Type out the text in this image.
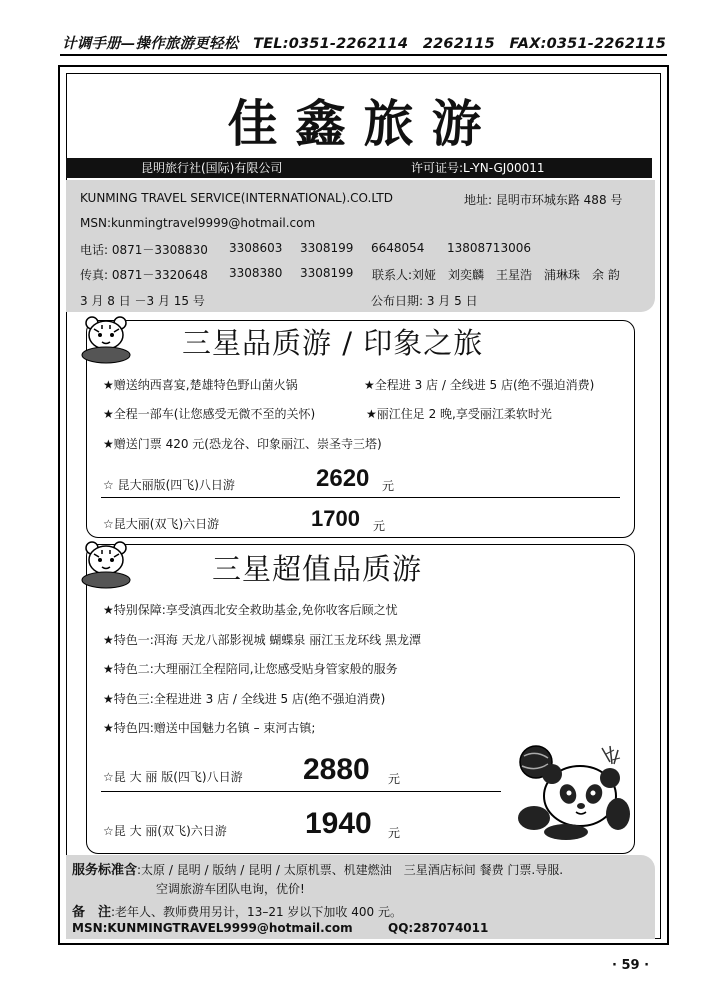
计调手册—操作旅游更轻松　TEL:0351-2262114　2262115　FAX:0351-2262115
佳鑫旅游
昆明旅行社(国际)有限公司	许可证号:L-YN-GJ00011
KUNMING TRAVEL SERVICE(INTERNATIONAL).CO.LTD	地址: 昆明市环城东路 488 号
MSN:kunmingtravel9999@hotmail.com
电话: 0871－3308830 3308603 3308199 6648054 13808713006
传真: 0871－3320648 3308380 3308199 联系人:刘娅　刘奕麟　王星浩　浦琳珠　余 韵
3 月 8 日 －3 月 15 号	公布日期: 3 月 5 日
三星品质游 / 印象之旅
★赠送纳西喜宴,楚雄特色野山菌火锅	★全程进 3 店 / 全线进 5 店(绝不强迫消费)
★全程一部车(让您感受无微不至的关怀)	★丽江住足 2 晚,享受丽江柔软时光
★赠送门票 420 元(恐龙谷、印象丽江、崇圣寺三塔)
☆ 昆大丽版(四飞)八日游	2620 元
☆昆大丽(双飞)六日游	1700 元
三星超值品质游
★特别保障:享受滇西北安全救助基金,免你收客后顾之忧
★特色一:洱海 天龙八部影视城 蝴蝶泉 丽江玉龙环线 黑龙潭
★特色二:大理丽江全程陪同,让您感受贴身管家般的服务
★特色三:全程进进 3 店 / 全线进 5 店(绝不强迫消费)
★特色四:赠送中国魅力名镇 – 束河古镇;
☆昆 大 丽 版(四飞)八日游 2880 元
☆昆 大 丽(双飞)六日游	1940 元
服务标准含:太原 / 昆明 / 版纳 / 昆明 / 太原机票、机建燃油　三星酒店标间 餐费 门票.导服.
空调旅游车团队电询，优价!
备　注:老年人、教师费用另计，13–21 岁以下加收 400 元。
MSN:KUNMINGTRAVEL9999@hotmail.com	QQ:287074011
· 59 ·
